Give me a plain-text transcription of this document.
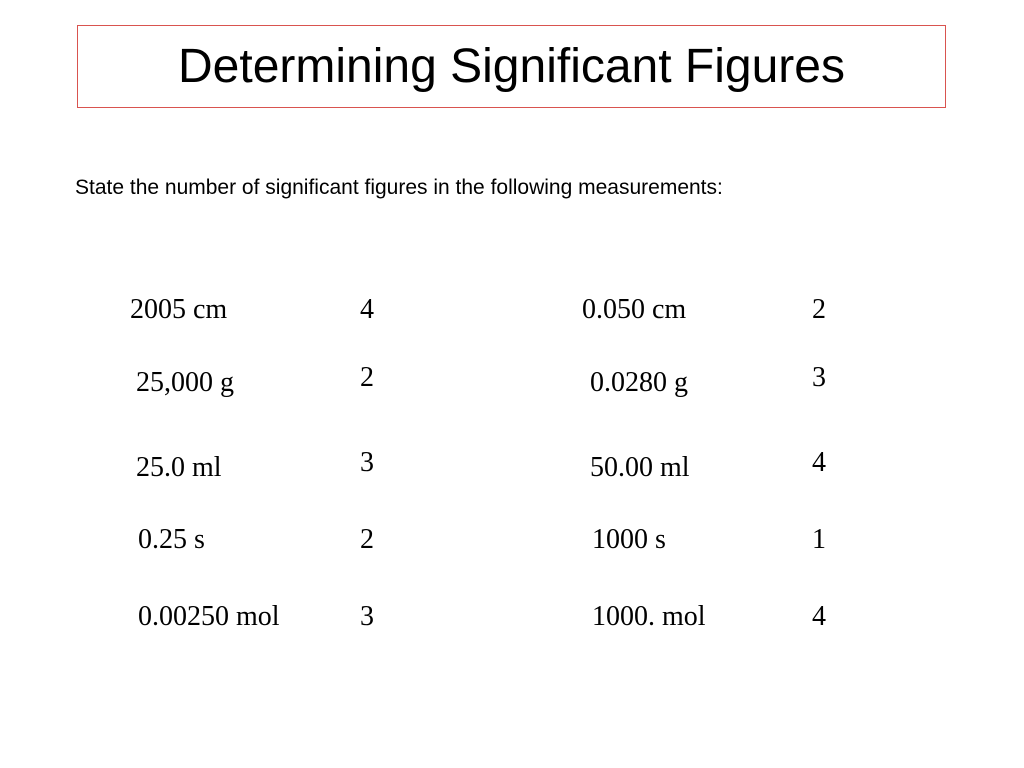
Determining Significant Figures
State the number of significant figures in the following measurements:
2005 cm	4	0.050 cm	2
25,000 g	2	0.0280 g	3
25.0 ml	3	50.00 ml	4
0.25 s	2	1000 s	1
0.00250 mol	3	1000. mol	4
